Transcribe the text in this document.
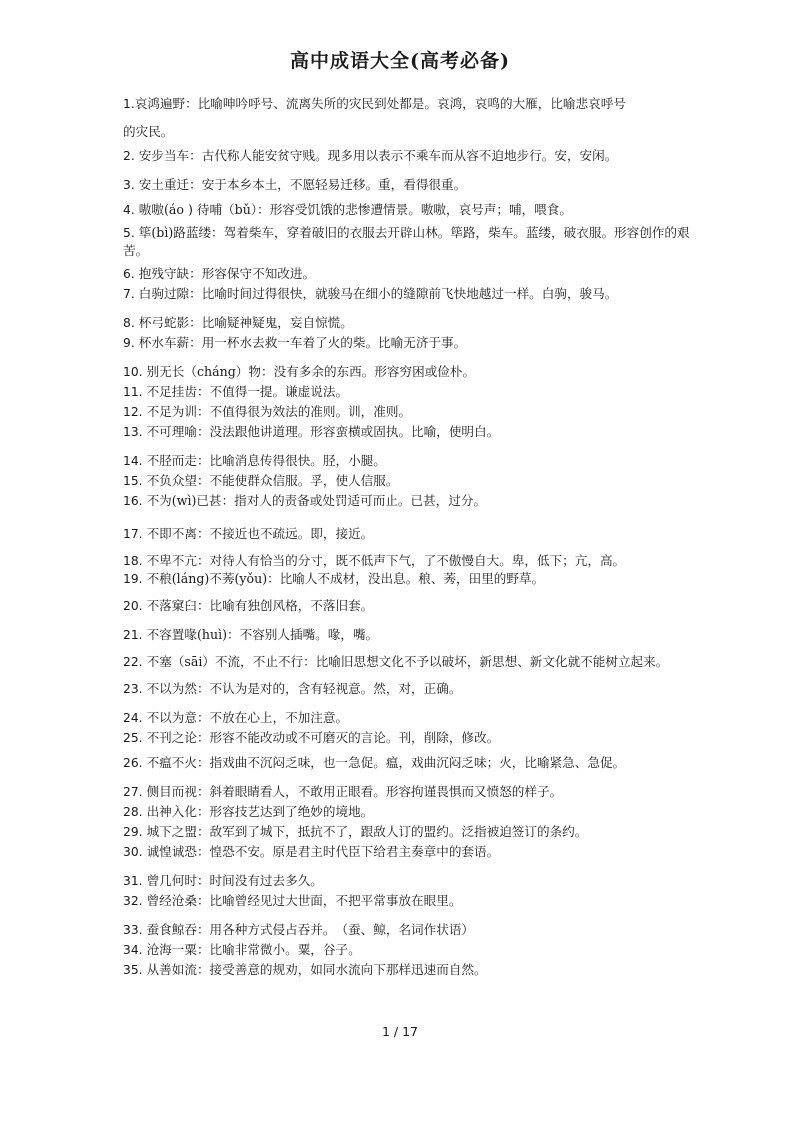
高中成语大全(高考必备)
1.哀鸿遍野：比喻呻吟呼号、流离失所的灾民到处都是。哀鸿，哀鸣的大雁，比喻悲哀呼号
的灾民。
2. 安步当车：古代称人能安贫守贱。现多用以表示不乘车而从容不迫地步行。安，安闲。
3. 安土重迁：安于本乡本土，不愿轻易迁移。重，看得很重。
4. 嗷嗷(áo ) 待哺（bǔ）：形容受饥饿的悲惨遭情景。嗷嗷，哀号声；哺，喂食。
5. 筚(bì)路蓝缕：驾着柴车，穿着破旧的衣服去开辟山林。筚路，柴车。蓝缕，破衣服。形容创作的艰苦。
6. 抱残守缺：形容保守不知改进。
7. 白驹过隙：比喻时间过得很快，就骏马在细小的缝隙前飞快地越过一样。白驹，骏马。
8. 杯弓蛇影：比喻疑神疑鬼，妄自惊慌。
9. 杯水车薪：用一杯水去救一车着了火的柴。比喻无济于事。
10. 别无长（cháng）物：没有多余的东西。形容穷困或俭朴。
11. 不足挂齿：不值得一提。谦虚说法。
12. 不足为训：不值得很为效法的准则。训，准则。
13. 不可理喻：没法跟他讲道理。形容蛮横或固执。比喻，使明白。
14. 不胫而走：比喻消息传得很快。胫，小腿。
15. 不负众望：不能使群众信服。孚，使人信服。
16. 不为(wì)已甚：指对人的责备或处罚适可而止。已甚，过分。
17. 不即不离：不接近也不疏远。即，接近。
18. 不卑不亢：对待人有恰当的分寸，既不低声下气，了不傲慢自大。卑，低下；亢，高。
19. 不稂(láng)不莠(yǒu)：比喻人不成材，没出息。稂、莠，田里的野草。
20. 不落窠臼：比喻有独创风格，不落旧套。
21. 不容置喙(huì)：不容别人插嘴。喙，嘴。
22. 不塞（sāi）不流，不止不行：比喻旧思想文化不予以破坏，新思想、新文化就不能树立起来。
23. 不以为然：不认为是对的，含有轻视意。然，对，正确。
24. 不以为意：不放在心上，不加注意。
25. 不刊之论：形容不能改动或不可磨灭的言论。刊，削除，修改。
26. 不瘟不火：指戏曲不沉闷乏味，也一急促。瘟，戏曲沉闷乏味；火，比喻紧急、急促。
27. 侧目而视：斜着眼睛看人，不敢用正眼看。形容拘谨畏惧而又愤怒的样子。
28. 出神入化：形容技艺达到了绝妙的境地。
29. 城下之盟：敌军到了城下，抵抗不了，跟敌人订的盟约。泛指被迫签订的条约。
30. 诚惶诚恐：惶恐不安。原是君主时代臣下给君主奏章中的套语。
31. 曾几何时：时间没有过去多久。
32. 曾经沧桑：比喻曾经见过大世面，不把平常事放在眼里。
33. 蚕食鲸吞：用各种方式侵占吞并。　（蚕、鲸，名词作状语）
34. 沧海一粟：比喻非常微小。粟，谷子。
35. 从善如流：接受善意的规劝，如同水流向下那样迅速而自然。
1 / 17
